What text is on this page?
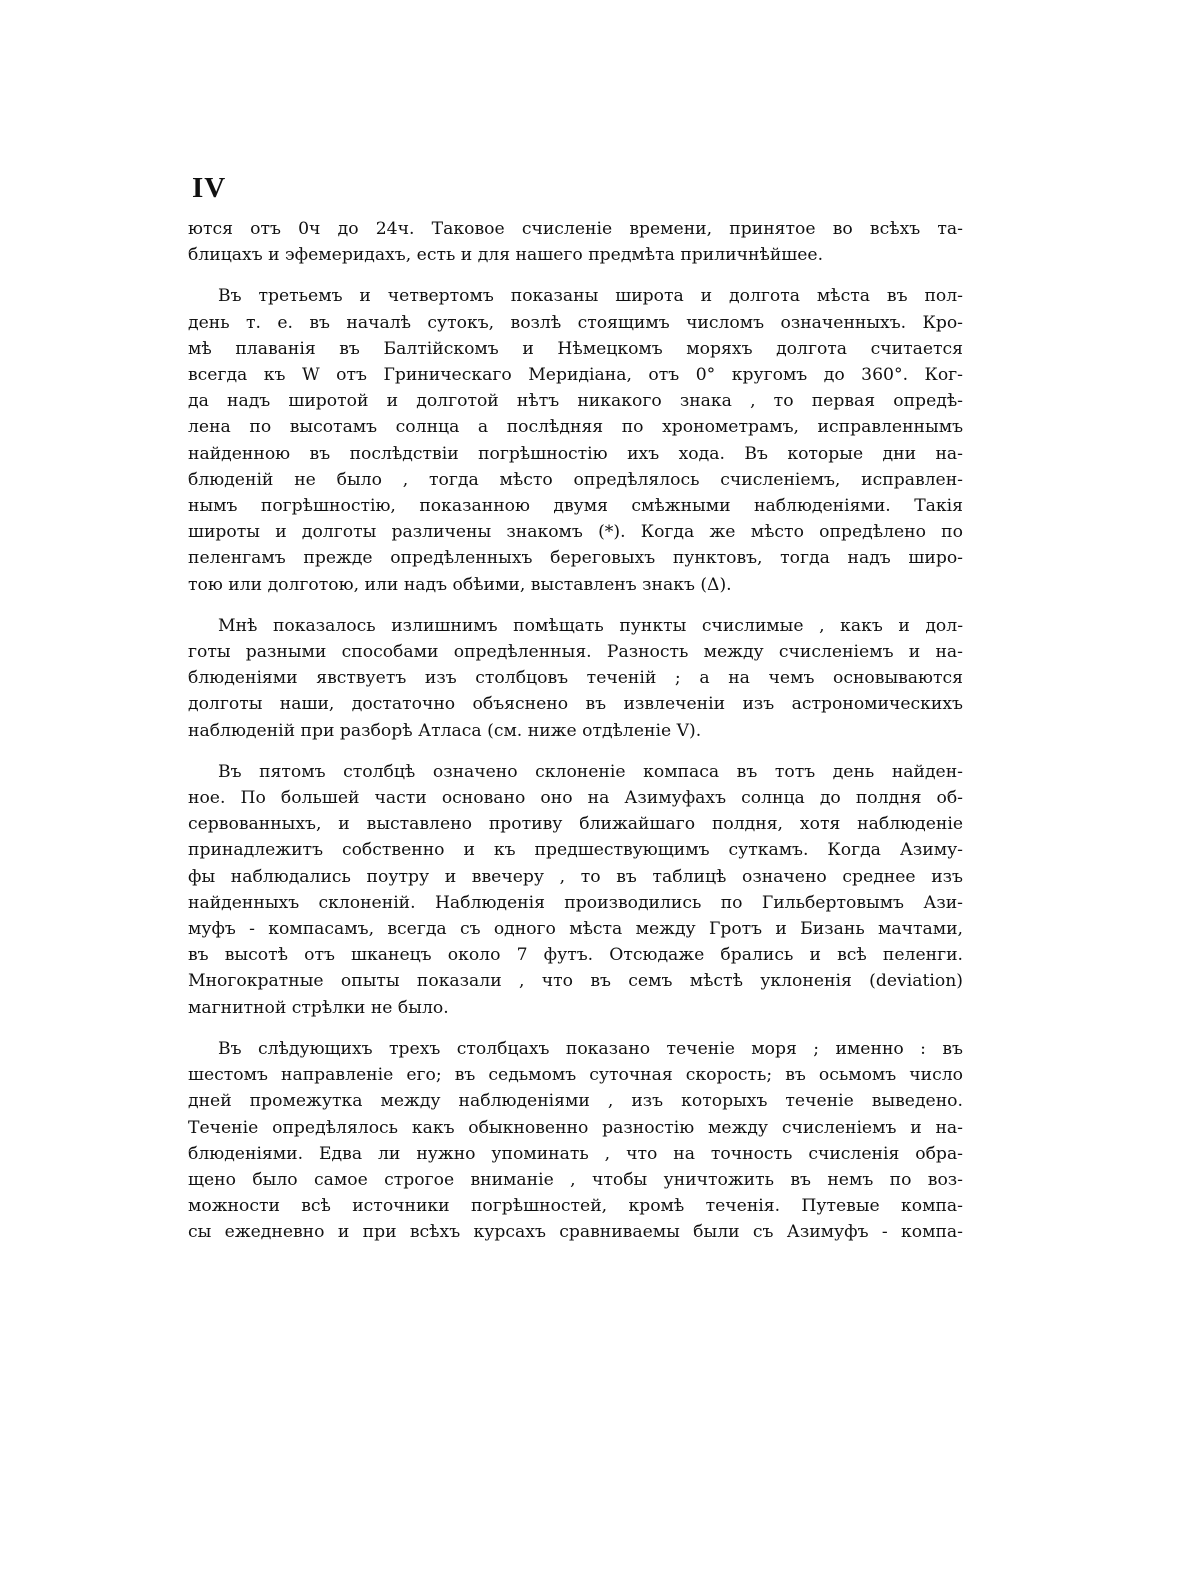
IV

ются отъ 0ч до 24ч. Таковое счисленіе времени, принятое во всѣхъ та-
блицахъ и эфемеридахъ, есть и для нашего предмѣта приличнѣйшее.

Въ третьемъ и четвертомъ показаны широта и долгота мѣста въ пол-
день т. е. въ началѣ сутокъ, возлѣ стоящимъ числомъ означенныхъ. Кро-
мѣ плаванія въ Балтійскомъ и Нѣмецкомъ моряхъ долгота считается
всегда къ W отъ Гриническаго Меридіана, отъ 0° кругомъ до 360°. Ког-
да надъ широтой и долготой нѣтъ никакого знака , то первая опредѣ-
лена по высотамъ солнца а послѣдняя по хронометрамъ, исправленнымъ
найденною въ послѣдствіи погрѣшностію ихъ хода. Въ которые дни на-
блюденій не было , тогда мѣсто опредѣлялось счисленіемъ, исправлен-
нымъ погрѣшностію, показанною двумя смѣжными наблюденіями. Такія
широты и долготы различены знакомъ (*). Когда же мѣсто опредѣлено по
пеленгамъ прежде опредѣленныхъ береговыхъ пунктовъ, тогда надъ широ-
тою или долготою, или надъ обѣими, выставленъ знакъ (Δ).

Мнѣ показалось излишнимъ помѣщать пункты счислимые , какъ и дол-
готы разными способами опредѣленныя. Разность между счисленіемъ и на-
блюденіями явствуетъ изъ столбцовъ теченій ; а на чемъ основываются
долготы наши, достаточно объяснено въ извлеченіи изъ астрономическихъ
наблюденій при разборѣ Атласа (см. ниже отдѣленіе V).

Въ пятомъ столбцѣ означено склоненіе компаса въ тотъ день найден-
ное. По большей части основано оно на Азимуфахъ солнца до полдня об-
сервованныхъ, и выставлено противу ближайшаго полдня, хотя наблюденіе
принадлежитъ собственно и къ предшествующимъ суткамъ. Когда Азиму-
фы наблюдались поутру и ввечеру , то въ таблицѣ означено среднее изъ
найденныхъ склоненій. Наблюденія производились по Гильбертовымъ Ази-
муфъ - компасамъ, всегда съ одного мѣста между Гротъ и Бизань мачтами,
въ высотѣ отъ шканецъ около 7 футъ. Отсюдаже брались и всѣ пеленги.
Многократные опыты показали , что въ семъ мѣстѣ уклоненія (deviation)
магнитной стрѣлки не было.

Въ слѣдующихъ трехъ столбцахъ показано теченіе моря ; именно : въ
шестомъ направленіе его; въ седьмомъ суточная скорость; въ осьмомъ число
дней промежутка между наблюденіями , изъ которыхъ теченіе выведено.
Теченіе опредѣлялось какъ обыкновенно разностію между счисленіемъ и на-
блюденіями. Едва ли нужно упоминать , что на точность счисленія обра-
щено было самое строгое вниманіе , чтобы уничтожить въ немъ по воз-
можности всѣ источники погрѣшностей, кромѣ теченія. Путевые компа-
сы ежедневно и при всѣхъ курсахъ сравниваемы были съ Азимуфъ - компа-
